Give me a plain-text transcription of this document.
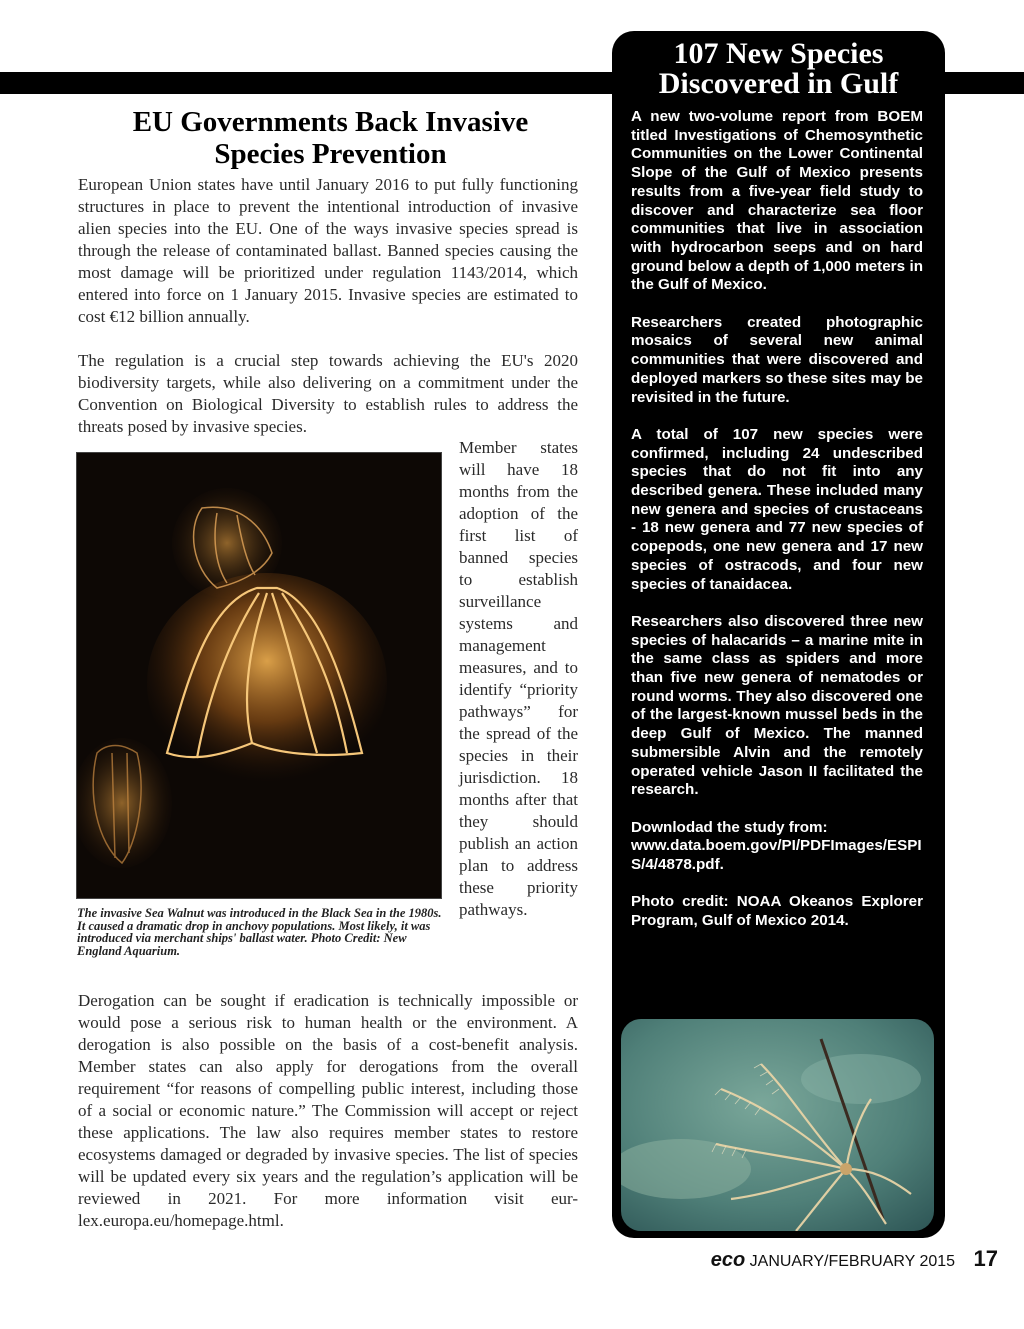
107 New Species
Discovered in Gulf

A new two-volume report from BOEM titled Investigations of Chemosynthetic Communities on the Lower Continental Slope of the Gulf of Mexico presents results from a five-year field study to discover and characterize sea floor communities that live in association with hydrocarbon seeps and on hard ground below a depth of 1,000 meters in the Gulf of Mexico.

Researchers created photographic mosaics of several new animal communities that were discovered and deployed markers so these sites may be revisited in the future.

A total of 107 new species were confirmed, including 24 undescribed species that do not fit into any described genera. These included many new genera and species of crustaceans - 18 new genera and 77 new species of copepods, one new genera and 17 new species of ostracods, and four new species of tanaidacea.

Researchers also discovered three new species of halacarids – a marine mite in the same class as spiders and more than five new genera of nematodes or round worms. They also discovered one of the largest-known mussel beds in the deep Gulf of Mexico. The manned submersible Alvin and the remotely operated vehicle Jason II facilitated the research.

Downlodad the study from:
www.data.boem.gov/PI/PDFImages/ESPIS/4/4878.pdf.

Photo credit: NOAA Okeanos Explorer Program, Gulf of Mexico 2014.

EU Governments Back Invasive
Species Prevention
European Union states have until January 2016 to put fully functioning structures in place to prevent the intentional introduction of invasive alien species into the EU. One of the ways invasive species spread is through the release of contaminated ballast. Banned species causing the most damage will be prioritized under regulation 1143/2014, which entered into force on 1 January 2015. Invasive species are estimated to cost €12 billion annually.
The regulation is a crucial step towards achieving the EU's 2020 biodiversity targets, while also delivering on a commitment under the Convention on Biological Diversity to establish rules to address the threats posed by invasive species.
The invasive Sea Walnut was introduced in the Black Sea in the 1980s. It caused a dramatic drop in anchovy populations. Most likely, it was introduced via merchant ships' ballast water. Photo Credit: New England Aquarium.
Member states will have 18 months from the adoption of the first list of banned species to establish surveillance systems and management measures, and to identify “priority pathways” for the spread of the species in their jurisdiction. 18 months after that they should publish an action plan to address these priority pathways.
Derogation can be sought if eradication is technically impossible or would pose a serious risk to human health or the environment. A derogation is also possible on the basis of a cost-benefit analysis. Member states can also apply for derogations from the overall requirement “for reasons of compelling public interest, including those of a social or economic nature.” The Commission will accept or reject these applications. The law also requires member states to restore ecosystems damaged or degraded by invasive species. The list of species will be updated every six years and the regulation’s application will be reviewed in 2021. For more information visit eur-lex.europa.eu/homepage.html.
eco JANUARY/FEBRUARY 2015 17
